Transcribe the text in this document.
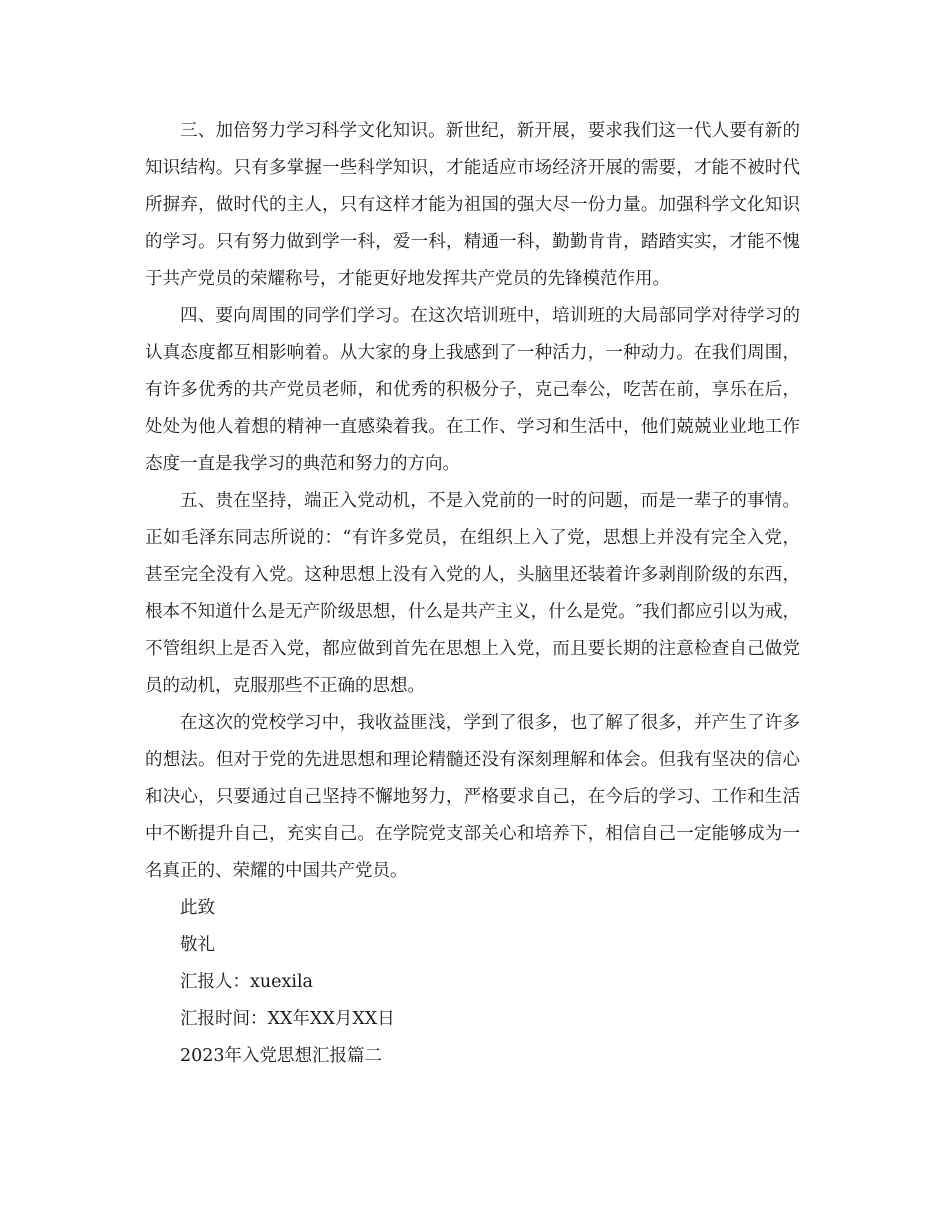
三、加倍努力学习科学文化知识。新世纪，新开展，要求我们这一代人要有新的知识结构。只有多掌握一些科学知识，才能适应市场经济开展的需要，才能不被时代所摒弃，做时代的主人，只有这样才能为祖国的强大尽一份力量。加强科学文化知识的学习。只有努力做到学一科，爱一科，精通一科，勤勤肯肯，踏踏实实，才能不愧于共产党员的荣耀称号，才能更好地发挥共产党员的先锋模范作用。

四、要向周围的同学们学习。在这次培训班中，培训班的大局部同学对待学习的认真态度都互相影响着。从大家的身上我感到了一种活力，一种动力。在我们周围，有许多优秀的共产党员老师，和优秀的积极分子，克己奉公，吃苦在前，享乐在后，处处为他人着想的精神一直感染着我。在工作、学习和生活中，他们兢兢业业地工作态度一直是我学习的典范和努力的方向。

五、贵在坚持，端正入党动机，不是入党前的一时的问题，而是一辈子的事情。正如毛泽东同志所说的：“有许多党员，在组织上入了党，思想上并没有完全入党，甚至完全没有入党。这种思想上没有入党的人，头脑里还装着许多剥削阶级的东西，根本不知道什么是无产阶级思想，什么是共产主义，什么是党。″我们都应引以为戒，不管组织上是否入党，都应做到首先在思想上入党，而且要长期的注意检查自己做党员的动机，克服那些不正确的思想。

在这次的党校学习中，我收益匪浅，学到了很多，也了解了很多，并产生了许多的想法。但对于党的先进思想和理论精髓还没有深刻理解和体会。但我有坚决的信心和决心，只要通过自己坚持不懈地努力，严格要求自己，在今后的学习、工作和生活中不断提升自己，充实自己。在学院党支部关心和培养下，相信自己一定能够成为一名真正的、荣耀的中国共产党员。

此致

敬礼

汇报人：xuexila

汇报时间：XX年XX月XX日

2023年入党思想汇报篇二
